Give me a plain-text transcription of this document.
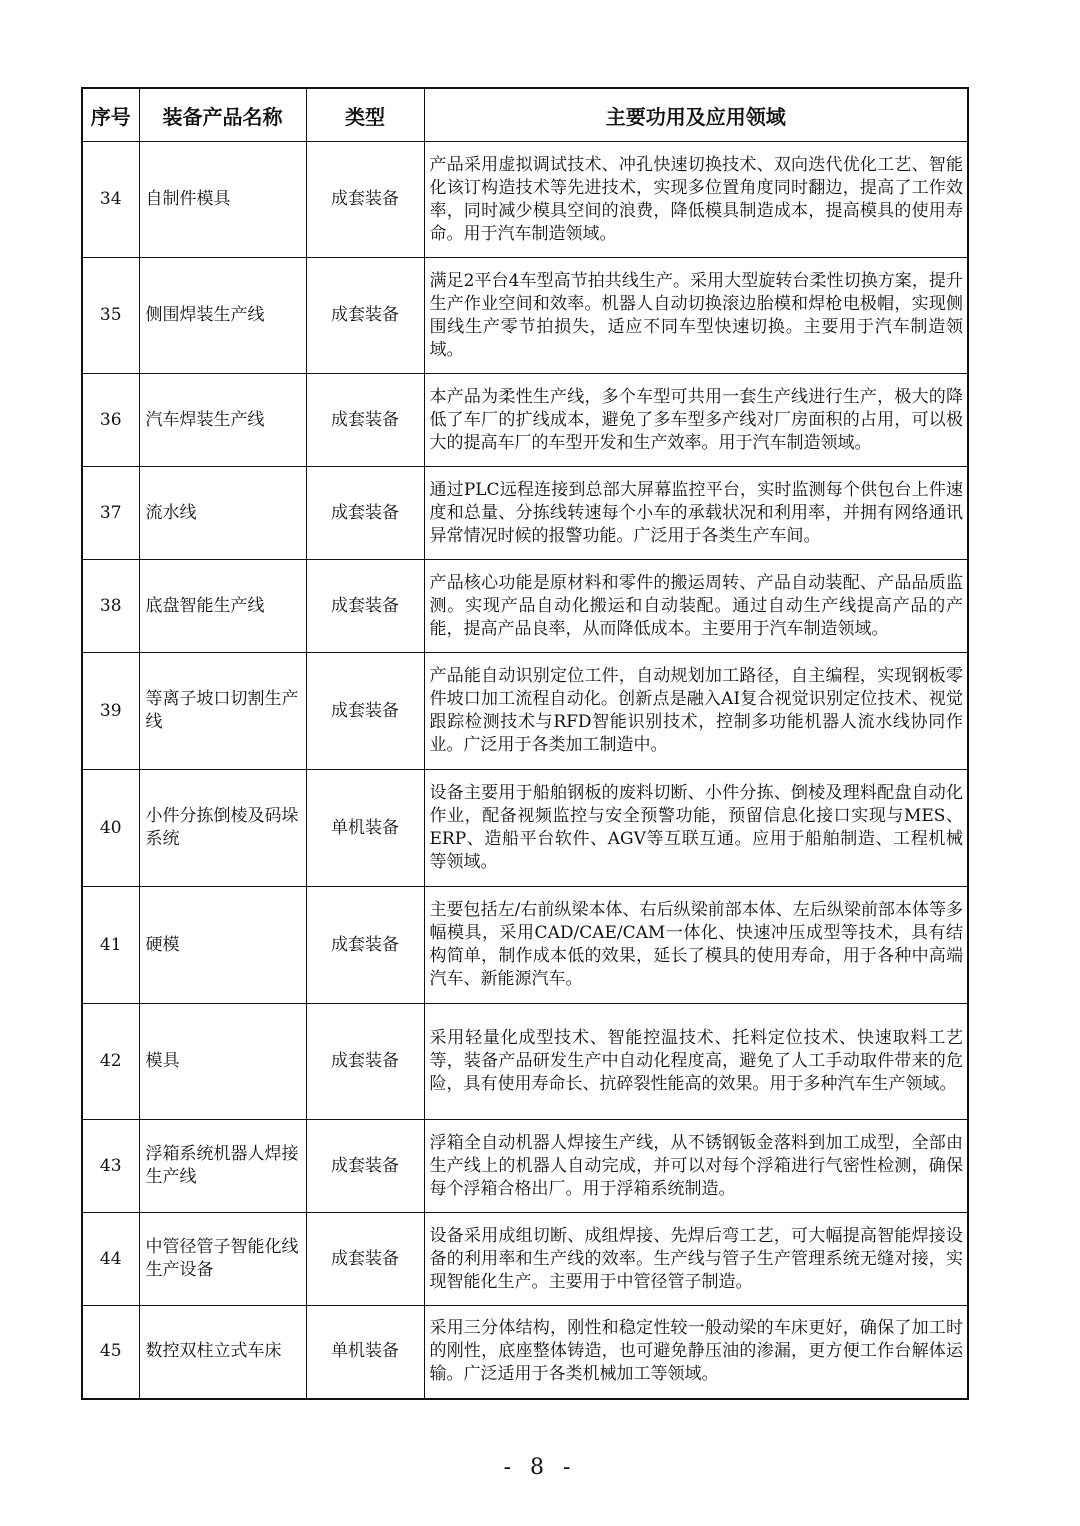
序号	装备产品名称	类型	主要功用及应用领域
34	自制件模具	成套装备	产品采用虚拟调试技术、冲孔快速切换技术、双向迭代优化工艺、智能化该订构造技术等先进技术，实现多位置角度同时翻边，提高了工作效率，同时减少模具空间的浪费，降低模具制造成本，提高模具的使用寿命。用于汽车制造领域。
35	侧围焊装生产线	成套装备	满足2平台4车型高节拍共线生产。采用大型旋转台柔性切换方案，提升生产作业空间和效率。机器人自动切换滚边胎模和焊枪电极帽，实现侧围线生产零节拍损失，适应不同车型快速切换。主要用于汽车制造领域。
36	汽车焊装生产线	成套装备	本产品为柔性生产线，多个车型可共用一套生产线进行生产，极大的降低了车厂的扩线成本，避免了多车型多产线对厂房面积的占用，可以极大的提高车厂的车型开发和生产效率。用于汽车制造领域。
37	流水线	成套装备	通过PLC远程连接到总部大屏幕监控平台，实时监测每个供包台上件速度和总量、分拣线转速每个小车的承载状况和利用率，并拥有网络通讯异常情况时候的报警功能。广泛用于各类生产车间。
38	底盘智能生产线	成套装备	产品核心功能是原材料和零件的搬运周转、产品自动装配、产品品质监测。实现产品自动化搬运和自动装配。通过自动生产线提高产品的产能，提高产品良率，从而降低成本。主要用于汽车制造领域。
39	等离子坡口切割生产线	成套装备	产品能自动识别定位工件，自动规划加工路径，自主编程，实现钢板零件坡口加工流程自动化。创新点是融入AI复合视觉识别定位技术、视觉跟踪检测技术与RFD智能识别技术，控制多功能机器人流水线协同作业。广泛用于各类加工制造中。
40	小件分拣倒棱及码垛系统	单机装备	设备主要用于船舶钢板的废料切断、小件分拣、倒棱及理料配盘自动化作业，配备视频监控与安全预警功能，预留信息化接口实现与MES、ERP、造船平台软件、AGV等互联互通。应用于船舶制造、工程机械等领域。
41	硬模	成套装备	主要包括左/右前纵梁本体、右后纵梁前部本体、左后纵梁前部本体等多幅模具，采用CAD/CAE/CAM一体化、快速冲压成型等技术，具有结构简单，制作成本低的效果，延长了模具的使用寿命，用于各种中高端汽车、新能源汽车。
42	模具	成套装备	采用轻量化成型技术、智能控温技术、托料定位技术、快速取料工艺等，装备产品研发生产中自动化程度高，避免了人工手动取件带来的危险，具有使用寿命长、抗碎裂性能高的效果。用于多种汽车生产领域。
43	浮箱系统机器人焊接生产线	成套装备	浮箱全自动机器人焊接生产线，从不锈钢钣金落料到加工成型，全部由生产线上的机器人自动完成，并可以对每个浮箱进行气密性检测，确保每个浮箱合格出厂。用于浮箱系统制造。
44	中管径管子智能化线生产设备	成套装备	设备采用成组切断、成组焊接、先焊后弯工艺，可大幅提高智能焊接设备的利用率和生产线的效率。生产线与管子生产管理系统无缝对接，实现智能化生产。主要用于中管径管子制造。
45	数控双柱立式车床	单机装备	采用三分体结构，刚性和稳定性较一般动梁的车床更好，确保了加工时的刚性，底座整体铸造，也可避免静压油的渗漏，更方便工作台解体运输。广泛适用于各类机械加工等领域。
- 8 -
